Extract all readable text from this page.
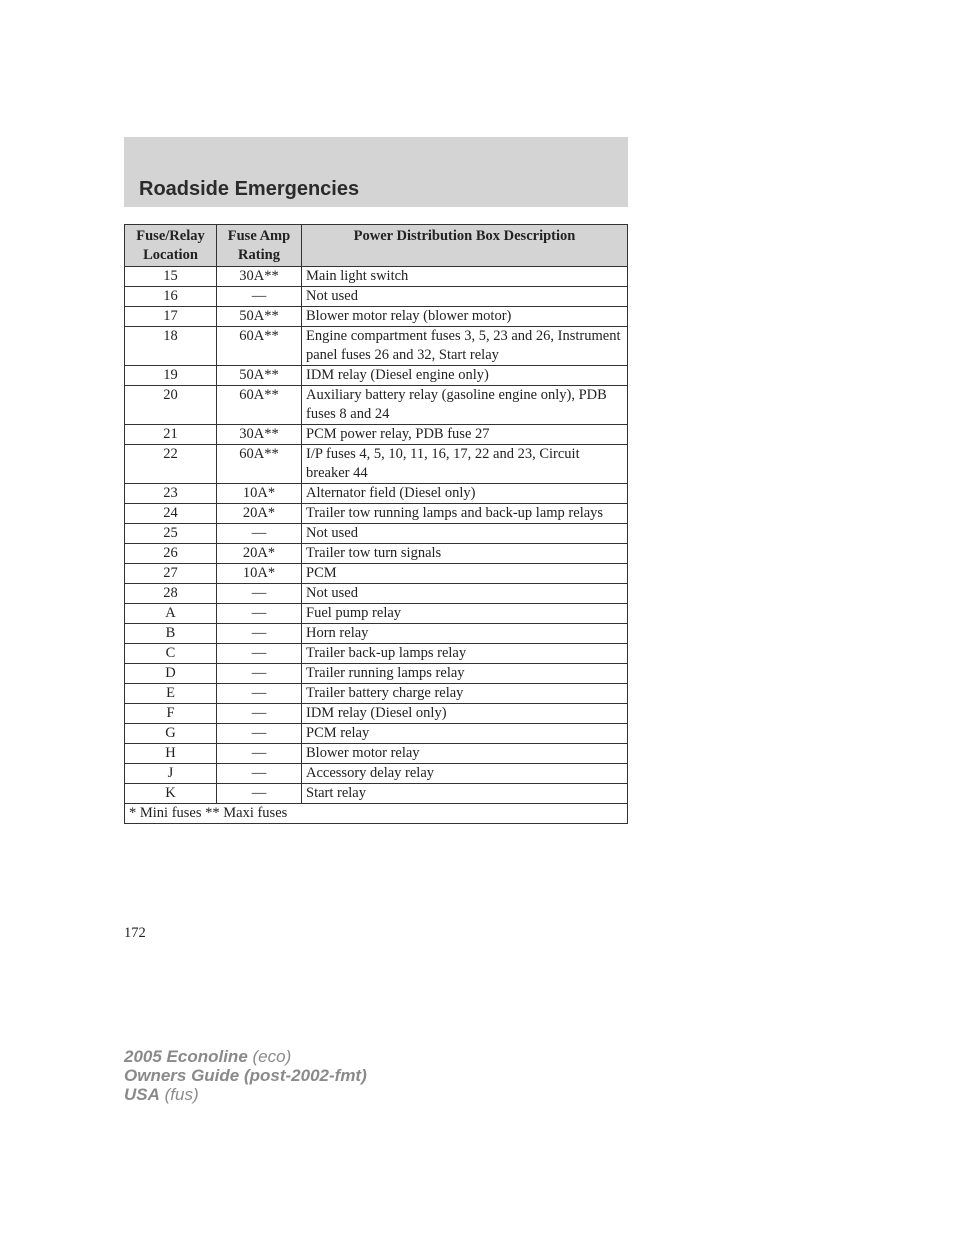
Roadside Emergencies
Fuse/Relay Location	Fuse Amp Rating	Power Distribution Box Description
15	30A**	Main light switch
16	—	Not used
17	50A**	Blower motor relay (blower motor)
18	60A**	Engine compartment fuses 3, 5, 23 and 26, Instrument panel fuses 26 and 32, Start relay
19	50A**	IDM relay (Diesel engine only)
20	60A**	Auxiliary battery relay (gasoline engine only), PDB fuses 8 and 24
21	30A**	PCM power relay, PDB fuse 27
22	60A**	I/P fuses 4, 5, 10, 11, 16, 17, 22 and 23, Circuit breaker 44
23	10A*	Alternator field (Diesel only)
24	20A*	Trailer tow running lamps and back-up lamp relays
25	—	Not used
26	20A*	Trailer tow turn signals
27	10A*	PCM
28	—	Not used
A	—	Fuel pump relay
B	—	Horn relay
C	—	Trailer back-up lamps relay
D	—	Trailer running lamps relay
E	—	Trailer battery charge relay
F	—	IDM relay (Diesel only)
G	—	PCM relay
H	—	Blower motor relay
J	—	Accessory delay relay
K	—	Start relay
* Mini fuses ** Maxi fuses		
172
2005 Econoline (eco)
Owners Guide (post-2002-fmt)
USA (fus)
